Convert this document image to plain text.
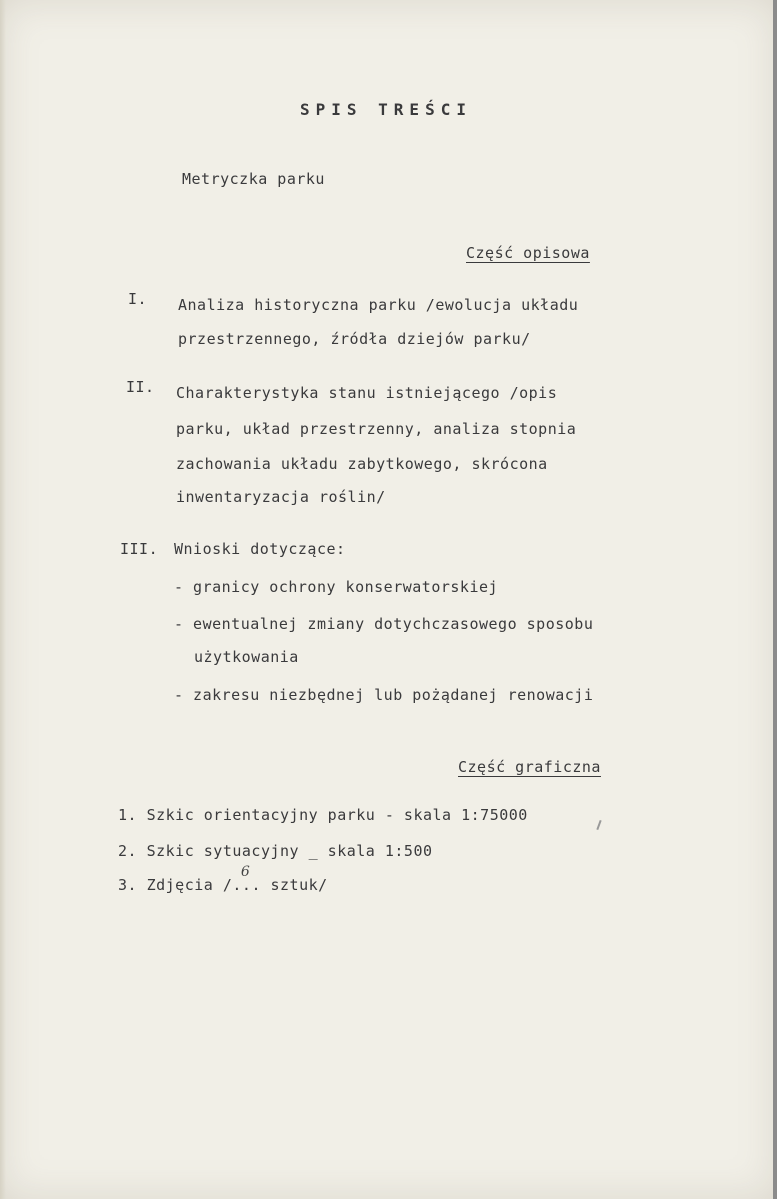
SPIS TREŚCI
Metryczka parku
Część opisowa
I. Analiza historyczna parku /ewolucja układu
przestrzennego, źródła dziejów parku/
II. Charakterystyka stanu istniejącego /opis
parku, układ przestrzenny, analiza stopnia
zachowania układu zabytkowego, skrócona
inwentaryzacja roślin/
III. Wnioski dotyczące:
- granicy ochrony konserwatorskiej
- ewentualnej zmiany dotychczasowego sposobu
użytkowania
- zakresu niezbędnej lub pożądanej renowacji
Część graficzna
1. Szkic orientacyjny parku - skala 1:75000
2. Szkic sytuacyjny _ skala 1:500
3. Zdjęcia /..
6
. sztuk/
